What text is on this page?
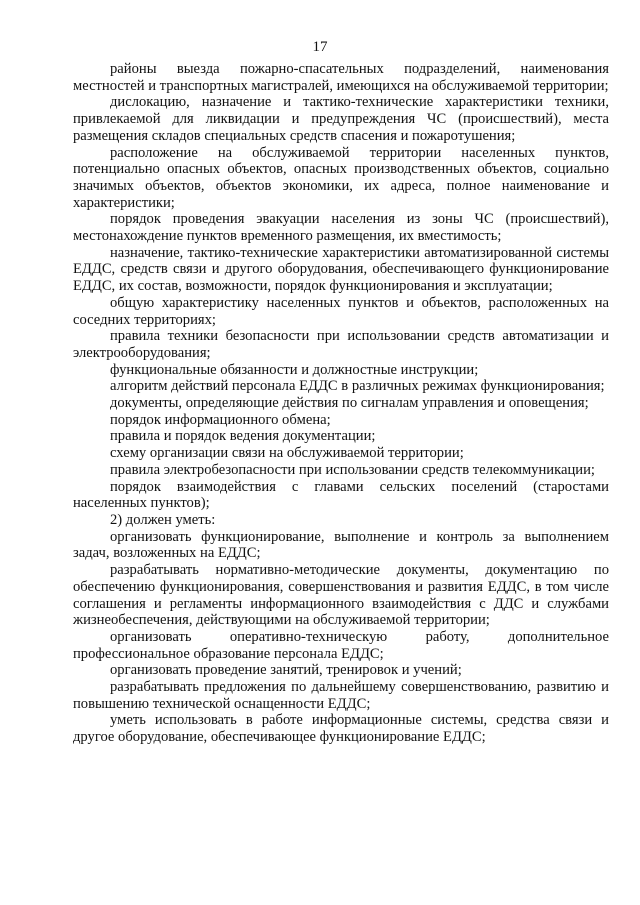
17

районы выезда пожарно-спасательных подразделений, наименования местностей и транспортных магистралей, имеющихся на обслуживаемой территории;

дислокацию, назначение и тактико-технические характеристики техники, привлекаемой для ликвидации и предупреждения ЧС (происшествий), места размещения складов специальных средств спасения и пожаротушения;

расположение на обслуживаемой территории населенных пунктов, потенциально опасных объектов, опасных производственных объектов, социально значимых объектов, объектов экономики, их адреса, полное наименование и характеристики;

порядок проведения эвакуации населения из зоны ЧС (происшествий), местонахождение пунктов временного размещения, их вместимость;

назначение, тактико-технические характеристики автоматизированной системы ЕДДС, средств связи и другого оборудования, обеспечивающего функционирование ЕДДС, их состав, возможности, порядок функционирования и эксплуатации;

общую характеристику населенных пунктов и объектов, расположенных на соседних территориях;

правила техники безопасности при использовании средств автоматизации и электрооборудования;

функциональные обязанности и должностные инструкции;

алгоритм действий персонала ЕДДС в различных режимах функционирования;

документы, определяющие действия по сигналам управления и оповещения;

порядок информационного обмена;

правила и порядок ведения документации;

схему организации связи на обслуживаемой территории;

правила электробезопасности при использовании средств телекоммуникации;

порядок взаимодействия с главами сельских поселений (старостами населенных пунктов);

2) должен уметь:

организовать функционирование, выполнение и контроль за выполнением задач, возложенных на ЕДДС;

разрабатывать нормативно-методические документы, документацию по обеспечению функционирования, совершенствования и развития ЕДДС, в том числе соглашения и регламенты информационного взаимодействия с ДДС и службами жизнеобеспечения, действующими на обслуживаемой территории;

организовать оперативно-техническую работу, дополнительное профессиональное образование персонала ЕДДС;

организовать проведение занятий, тренировок и учений;

разрабатывать предложения по дальнейшему совершенствованию, развитию и повышению технической оснащенности ЕДДС;

уметь использовать в работе информационные системы, средства связи и другое оборудование, обеспечивающее функционирование ЕДДС;
